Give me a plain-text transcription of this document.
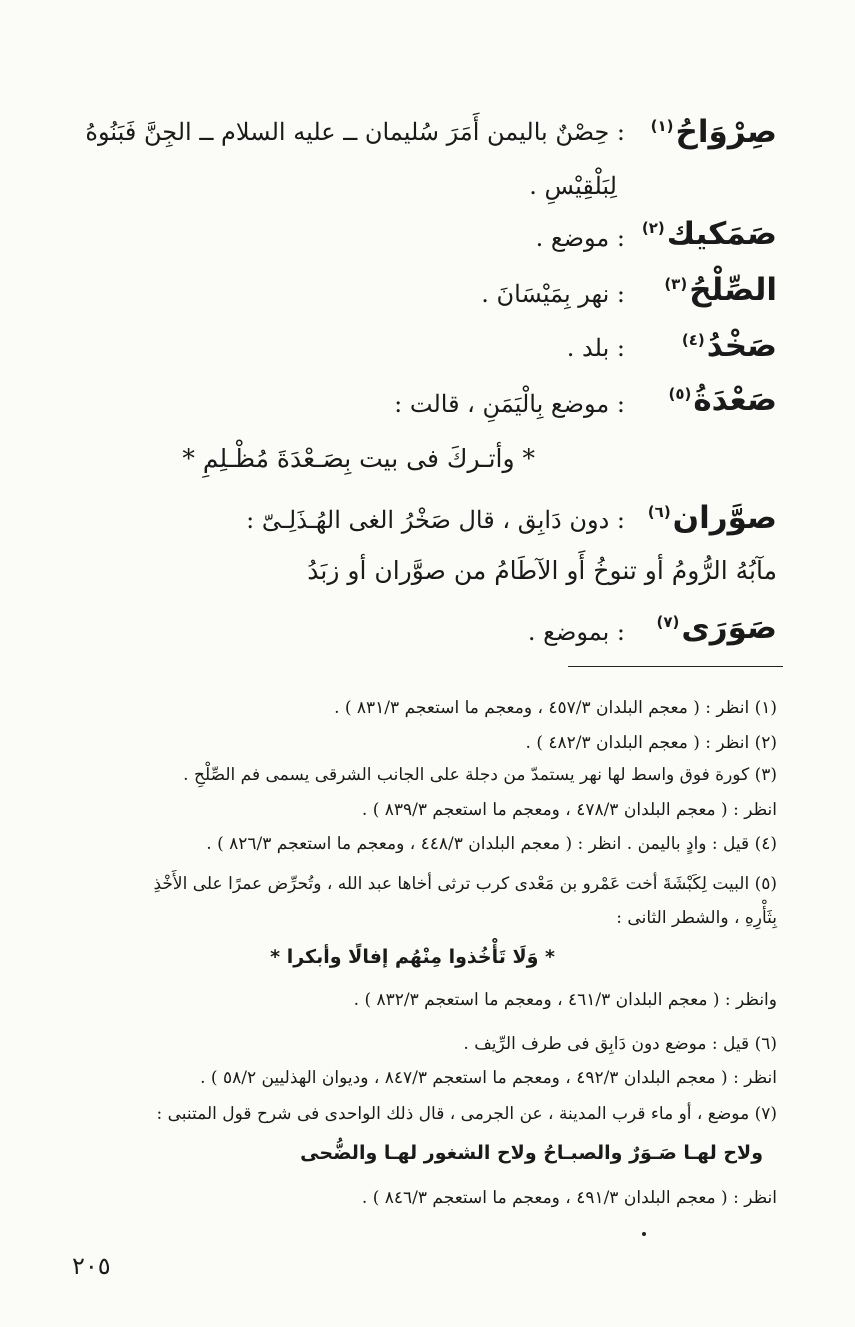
صِرْوَاحُ$^{(١)}$
: حِصْنٌ باليمن أَمَرَ سُليمان ــ عليه السلام ــ الجِنَّ فَبَنُوهُ
لِبَلْقِيْسِ .
صَمَكيك$^{(٢)}$
: موضع .
الصِّلْحُ$^{(٣)}$
: نهر بِمَيْسَانَ .
صَخْدُ$^{(٤)}$
: بلد .
صَعْدَةُ$^{(٥)}$
: موضع بِالْيَمَنِ ، قالت :
* وأتـركَ فى بيت بِصَـعْدَةَ مُظْـلِمِ *
صوَّران$^{(٦)}$
: دون دَابِق ، قال صَخْرُ الغى الهُـذَلِـىّ :
مآبُهُ الرُّومُ أو تنوخُ أَو الآطَامُ من صوَّران أو زبَدُ
صَوَرَى$^{(٧)}$
: بموضع .
(١) انظر : ( معجم البلدان ٤٥٧/٣ ، ومعجم ما استعجم ٨٣١/٣ ) .
(٢) انظر : ( معجم البلدان ٤٨٢/٣ ) .
(٣) كورة فوق واسط لها نهر يستمدّ من دجلة على الجانب الشرقى يسمى فم الصِّلْحِ .
انظر : ( معجم البلدان ٤٧٨/٣ ، ومعجم ما استعجم ٨٣٩/٣ ) .
(٤) قيل : وادٍ باليمن . انظر : ( معجم البلدان ٤٤٨/٣ ، ومعجم ما استعجم ٨٢٦/٣ ) .
(٥) البيت لِكَبْشَةَ أخت عَمْرو بن مَعْدى كرب ترثى أخاها عبد الله ، وتُحرِّض عمرًا على الأَخْذِ
بِثَأْرِهِ ، والشطر الثانى :
* وَلَا تَأْخُذوا مِنْهُم إفالًا وأبكرا *
وانظر : ( معجم البلدان ٤٦١/٣ ، ومعجم ما استعجم ٨٣٢/٣ ) .
(٦) قيل : موضع دون دَابِق فى طرف الرِّيف .
انظر : ( معجم البلدان ٤٩٢/٣ ، ومعجم ما استعجم ٨٤٧/٣ ، وديوان الهذليين ٥٨/٢ ) .
(٧) موضع ، أو ماء قرب المدينة ، عن الجرمى ، قال ذلك الواحدى فى شرح قول المتنبى :
ولاح لهـا صَـوَرٌ والصبـاحُ ولاح الشغور لهـا والضُّحى
انظر : ( معجم البلدان ٤٩١/٣ ، ومعجم ما استعجم ٨٤٦/٣ ) .
٢٠٥
